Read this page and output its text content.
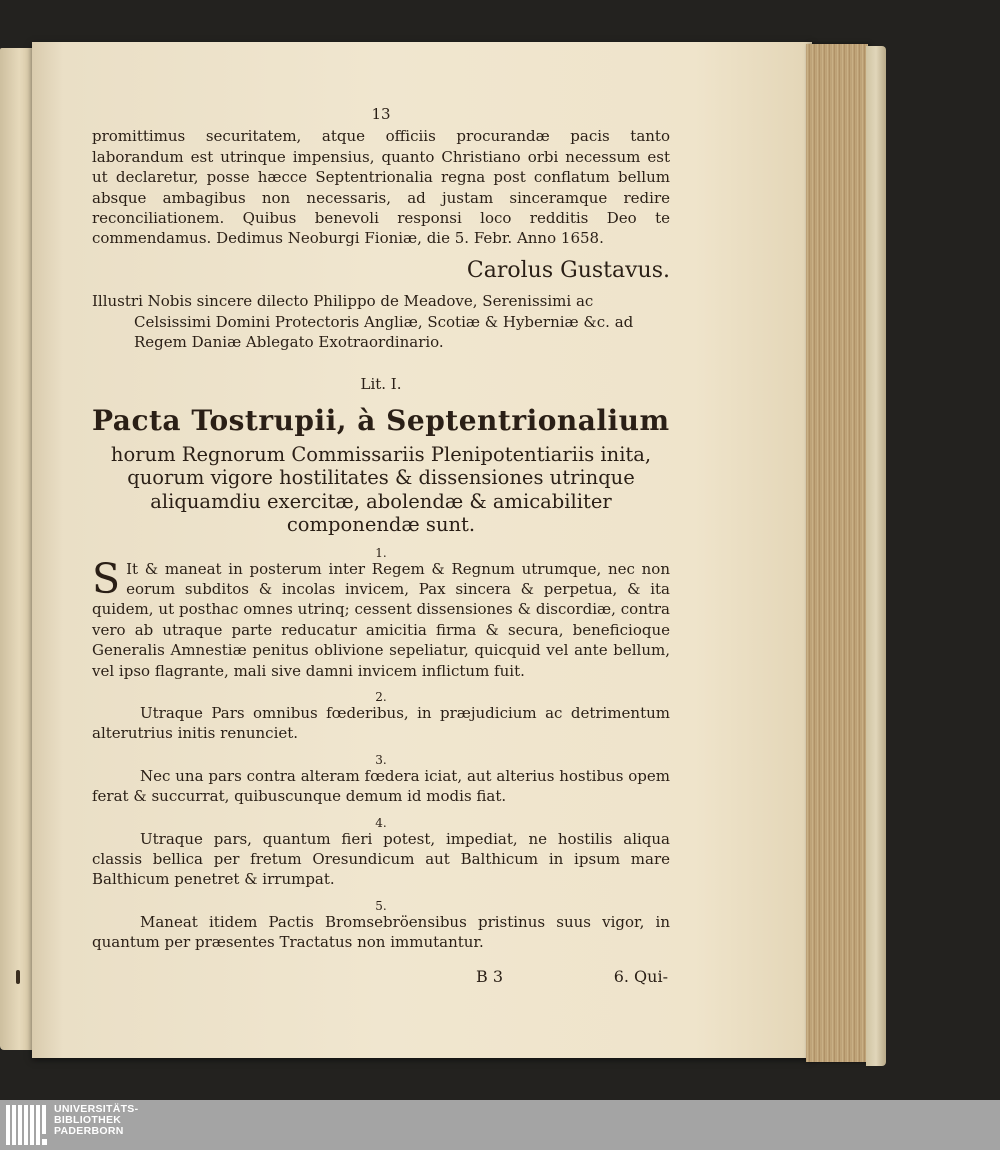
13

promittimus securitatem, atque officiis procurandæ pacis tanto laborandum est utrinque impensius, quanto Christiano orbi necessum est ut declaretur, posse hæcce Septentrionalia regna post conflatum bellum absque ambagibus non necessaris, ad justam sinceramque redire reconciliationem. Quibus benevoli responsi loco redditis Deo te commendamus. Dedimus Neoburgi Fioniæ, die 5. Febr. Anno 1658.

Carolus Gustavus.

Illustri Nobis sincere dilecto Philippo de Meadove, Serenissimi ac Celsissimi Domini Protectoris Angliæ, Scotiæ & Hyberniæ &c. ad Regem Daniæ Ablegato Exotraordinario.

Lit. I.
Pacta Tostrupii, à Septentrionalium

horum Regnorum Commissariis Plenipotentiariis inita, quorum vigore hostilitates & dissensiones utrinque aliquamdiu exercitæ, abolendæ & amicabiliter componendæ sunt.

1.

S It & maneat in posterum inter Regem & Regnum utrumque, nec non eorum subditos & incolas invicem, Pax sincera & perpetua, & ita quidem, ut posthac omnes utrinq; cessent dissensiones & discordiæ, contra vero ab utraque parte reducatur amicitia firma & secura, beneficioque Generalis Amnestiæ penitus oblivione sepeliatur, quicquid vel ante bellum, vel ipso flagrante, mali sive damni invicem inflictum fuit.

2.

Utraque Pars omnibus fœderibus, in præjudicium ac detrimentum alterutrius initis renunciet.

3.

Nec una pars contra alteram fœdera iciat, aut alterius hostibus opem ferat & succurrat, quibuscunque demum id modis fiat.

4.

Utraque pars, quantum fieri potest, impediat, ne hostilis aliqua classis bellica per fretum Oresundicum aut Balthicum in ipsum mare Balthicum penetret & irrumpat.

5.

Maneat itidem Pactis Bromsebröensibus pristinus suus vigor, in quantum per præsentes Tractatus non immutantur.

B 3	6. Qui-
UNIVERSITÄTS-
BIBLIOTHEK
PADERBORN
